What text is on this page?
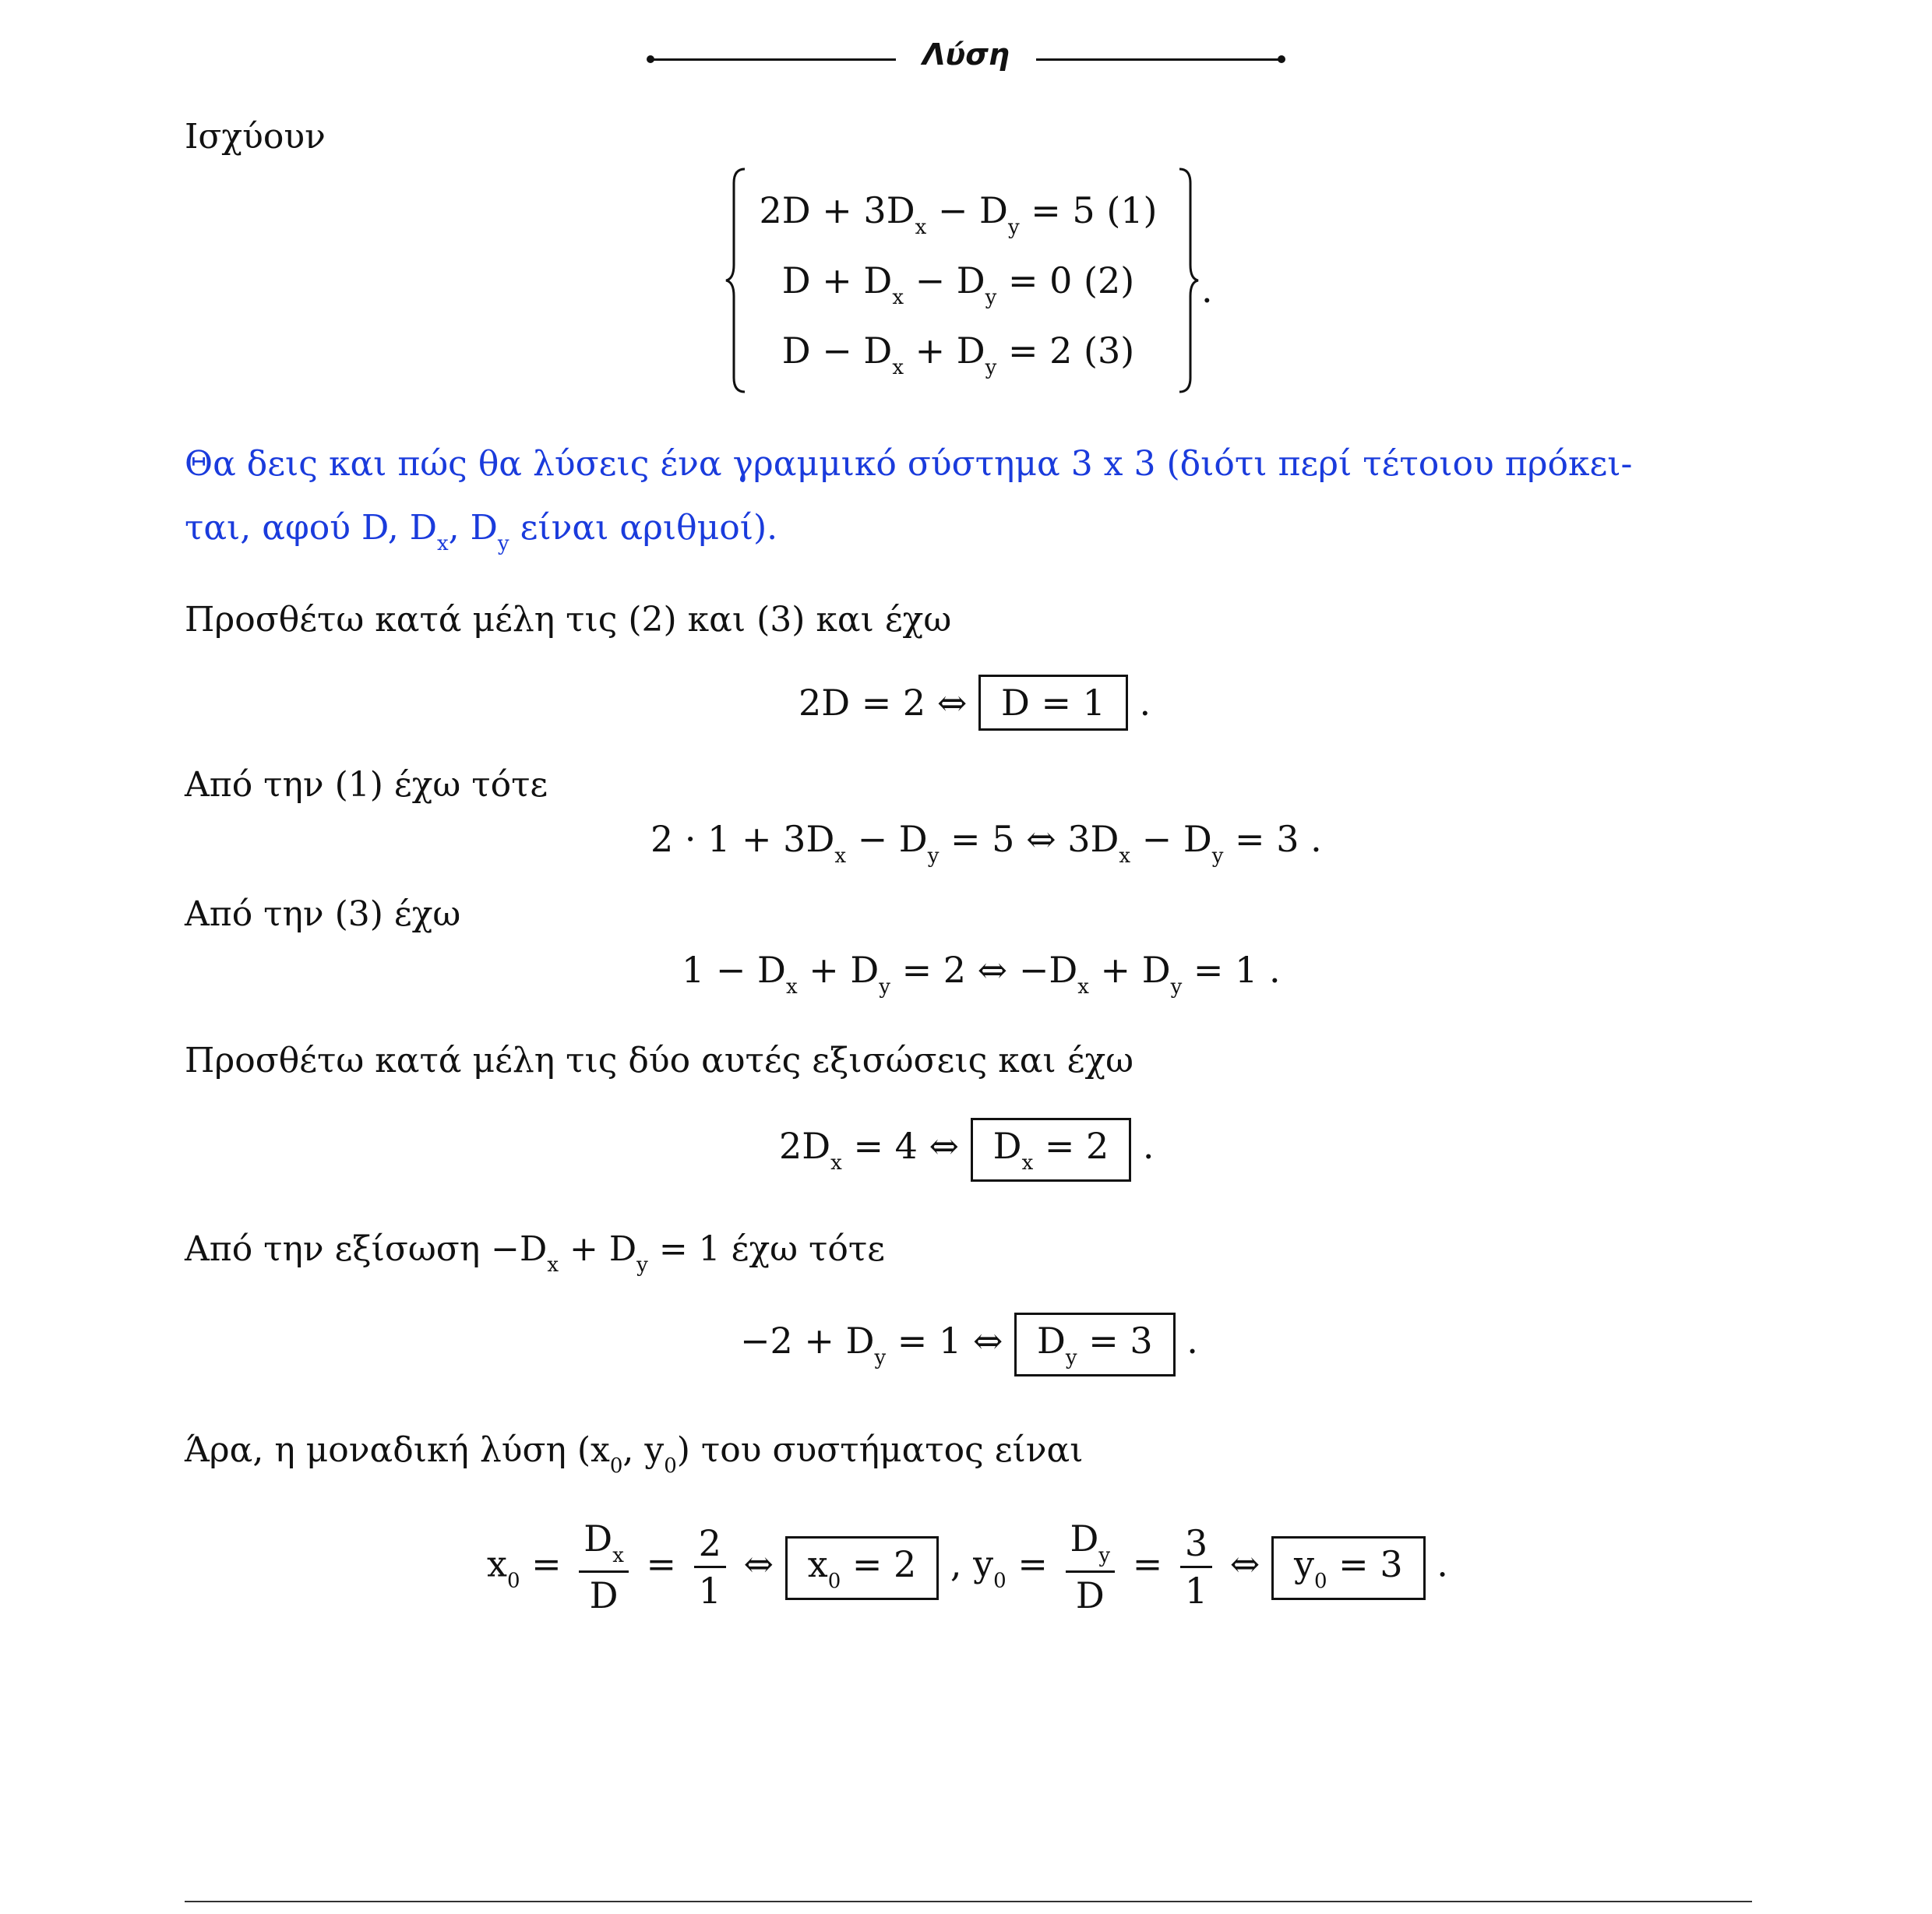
Λύση
Ισχύουν
$2D + 3D_x - D_y = 5$ (1)
$D + D_x - D_y = 0$ (2)
$D - D_x + D_y = 2$ (3)
.
Θα δεις και πώς θα λύσεις ένα γραμμικό σύστημα 3 x 3 (διότι περί τέτοιου πρόκει-
ται, αφού D, $D_x$, $D_y$ είναι αριθμοί).
Προσθέτω κατά μέλη τις (2) και (3) και έχω
2D = 2 ⇔ D = 1 .
Από την (1) έχω τότε
$2 \cdot 1 + 3D_x - D_y = 5$ ⇔ $3D_x - D_y = 3$ .
Από την (3) έχω
$1 - D_x + D_y = 2$ ⇔ $-D_x + D_y = 1$ .
Προσθέτω κατά μέλη τις δύο αυτές εξισώσεις και έχω
$2D_x = 4$ ⇔ $D_x = 2$ .
Από την $\varepsilon\xi ί\sigma\omega\sigma\eta -D_x + D_y = 1$ έχω τότε
$-2 + D_y = 1$ ⇔ $D_y = 3$ .
Άρα, η μοναδική λύση ($x_0$, $y_0$) του συστήματος είναι
$x_0 = \frac{D_x}{D} = \frac{2}{1}$ ⇔ $x_0 = 2$ , $y_0 = \frac{D_y}{D} = \frac{3}{1}$ ⇔ $y_0 = 3$ .
